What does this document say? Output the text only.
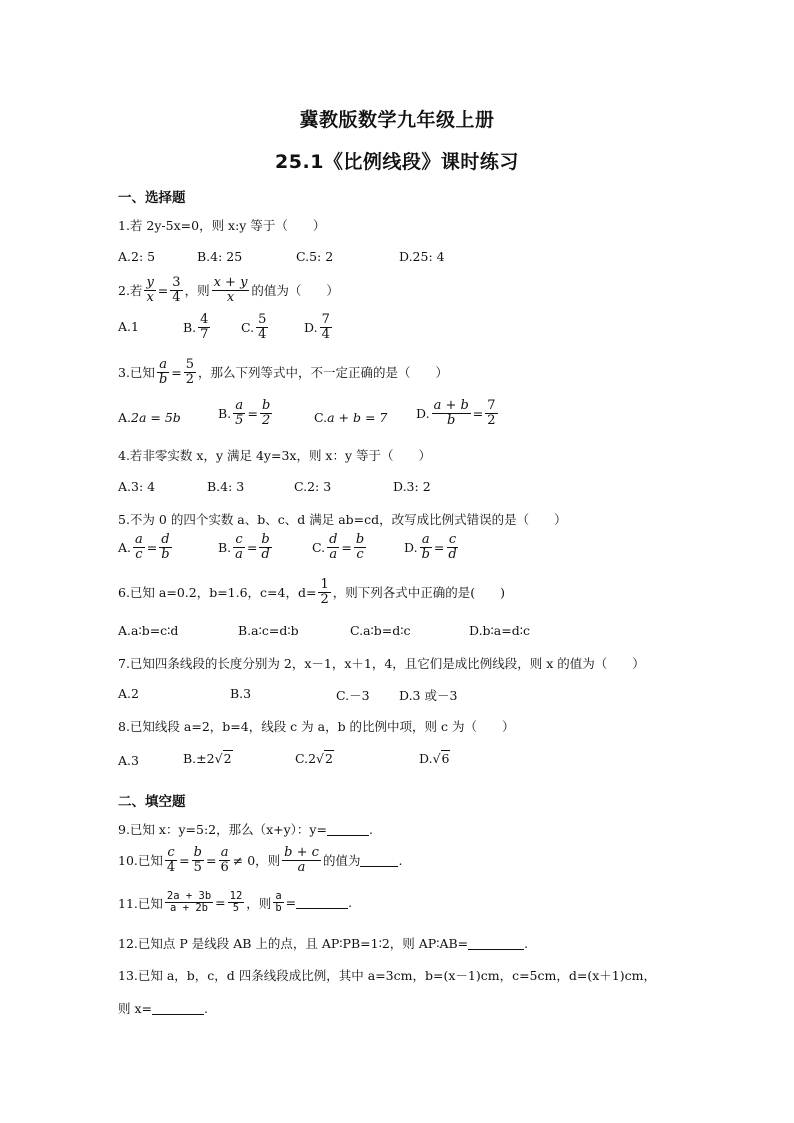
冀教版数学九年级上册
25.1《比例线段》课时练习
一、选择题
1.若 2y-5x=0，则 x:y 等于（　　）
A.2: 5	B.4: 25	C.5: 2	D.25: 4
2.若 $\frac{y}{x} = \frac{3}{4}$ ，则 $\frac{x + y}{x}$ 的值为（　　）
A.1	B. $\frac{4}{7} C$. $\frac{5}{4}$	D. $\frac{7}{4}$
3.已知 $\frac{a}{b} = \frac{5}{2}$ ，那么下列等式中，不一定正确的是（　　）
A. 2a = 5b	B. $\frac{a}{5} = \frac{b}{2}$	C. a + b = 7 D. $\frac{a + b}{b} = \frac{7}{2}$
4.若非零实数 x，y 满足 4y=3x，则 x：y 等于（　　）
A.3: 4	B.4: 3	C.2: 3	D.3: 2
5.不为 0 的四个实数 a、b、c、d 满足 ab=cd，改写成比例式错误的是（　　）
A. $\frac{a}{c} = \frac{d}{b}$	B. $\frac{c}{a} = \frac{b}{d}$	C. $\frac{d}{a} = \frac{b}{c}$	D. $\frac{a}{b} = \frac{c}{d}$
6.已知 a=0.2，b=1.6，c=4，$d= \frac{1}{2}$ ，则下列各式中正确的是(　　)
A.a∶b=c∶d	B.a∶c=d∶b	C.a∶b=d∶c	D.b∶a=d∶c
7.已知四条线段的长度分别为 2，x－1，x＋1，4，且它们是成比例线段，则 x 的值为（　　）
A.2	B.3	C.－3 D.3 或－3
8.已知线段 a=2，b=4，线段 c 为 a，b 的比例中项，则 c 为（　　）
A.3	B. ±2 √2	C. 2 √2	D. √6
二、填空题
9.已知 x：y=5:2，那么（x+y）：y=	.
10.已知 $\frac{c}{4} = \frac{b}{5} = \frac{a}{6} \ne 0$ ，则 $\frac{b + c}{a}$ 的值为	.
11.已知 $\frac{2a + 3b}{a + 2b} = \frac{12}{5}$ ，则 $\frac{a}{b}$ =	.
12.已知点 P 是线段 AB 上的点，且 AP∶PB=1∶2，则 AP∶AB=	.
13.已知 a，b，c，d 四条线段成比例，其中 a=3cm，b=(x－1)cm，c=5cm，d=(x＋1)cm，
则 x=	.
